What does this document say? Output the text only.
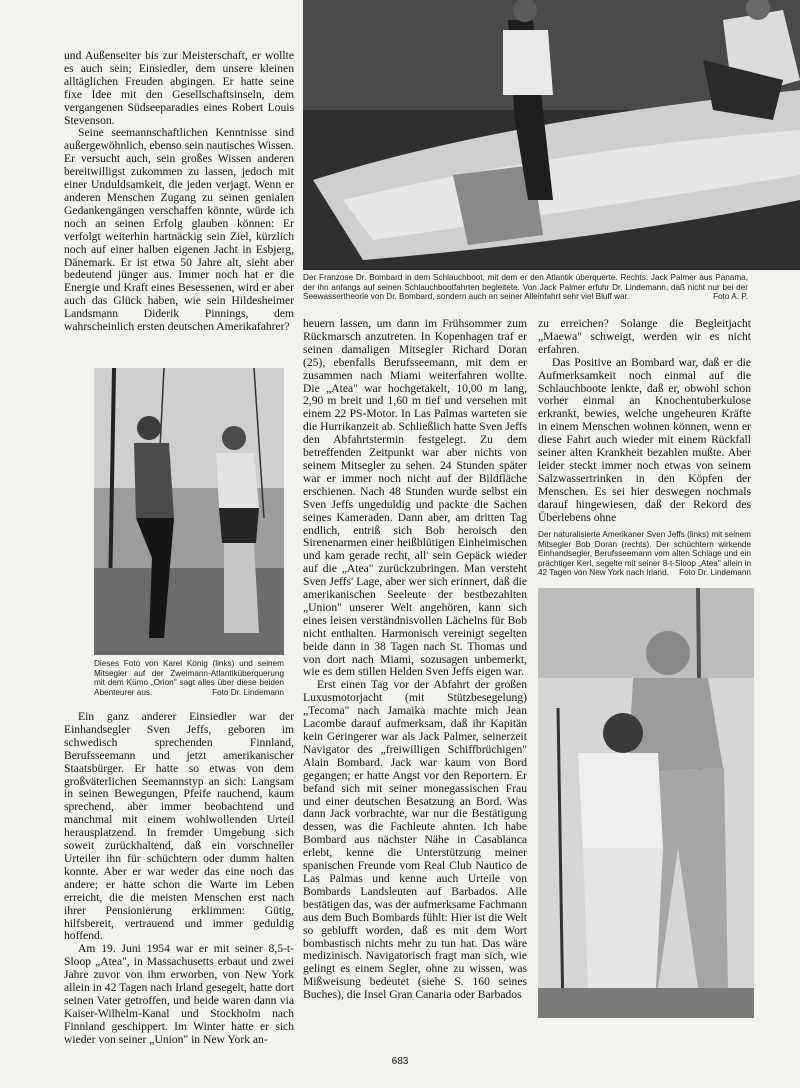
Der Franzose Dr. Bombard in dem Schlauchboot, mit dem er den Atlantik überquerte. Rechts: Jack Palmer aus Panama, der ihn anfangs auf seinen Schlauchbootfahrten begleitete. Von Jack Palmer erfuhr Dr. Lindemann, daß nicht nur bei der Seewassertheorie von Dr. Bombard, sondern auch an seiner Alleinfahrt sehr viel Bluff war.	Foto A. P.

und Außenseiter bis zur Meisterschaft, er wollte es auch sein; Einsiedler, dem unsere kleinen alltäglichen Freuden abgingen. Er hatte seine fixe Idee mit den Gesellschaftsinseln, dem vergangenen Südseeparadies eines Robert Louis Stevenson.

Seine seemannschaftlichen Kenntnisse sind außergewöhnlich, ebenso sein nautisches Wissen. Er versucht auch, sein großes Wissen anderen bereitwilligst zukommen zu lassen, jedoch mit einer Unduldsamkeit, die jeden verjagt. Wenn er anderen Menschen Zugang zu seinen genialen Gedankengängen verschaffen könnte, würde ich noch an seinen Erfolg glauben können: Er verfolgt weiterhin hartnäckig sein Ziel, kürzlich noch auf einer halben eigenen Jacht in Esbjerg, Dänemark. Er ist etwa 50 Jahre alt, sieht aber bedeutend jünger aus. Immer noch hat er die Energie und Kraft eines Besessenen, wird er aber auch das Glück haben, wie sein Hildesheimer Landsmann Diderik Pinnings, dem wahrscheinlich ersten deutschen Amerikafahrer?

Dieses Foto von Karel König (links) und seinem Mitsegler auf der Zweimann-Atlantiküberquerung mit dem Kümo „Orion" sagt alles über diese beiden Abenteurer aus.	Foto Dr. Lindemann

Ein ganz anderer Einsiedler war der Einhandsegler Sven Jeffs, geboren im schwedisch sprechenden Finnland, Berufsseemann und jetzt amerikanischer Staatsbürger. Er hatte so etwas von dem großväterlichen Seemannstyp an sich: Langsam in seinen Bewegungen, Pfeife rauchend, kaum sprechend, aber immer beobachtend und manchmal mit einem wohlwollenden Urteil herausplatzend. In fremder Umgebung sich soweit zurückhaltend, daß ein vorschneller Urteiler ihn für schüchtern oder dumm halten konnte. Aber er war weder das eine noch das andere; er hatte schon die Warte im Leben erreicht, die die meisten Menschen erst nach ihrer Pensionierung erklimmen: Gütig, hilfsbereit, vertrauend und immer geduldig hoffend.

Am 19. Juni 1954 war er mit seiner 8,5-t-Sloop „Atea", in Massachusetts erbaut und zwei Jahre zuvor von ihm erworben, von New York allein in 42 Tagen nach Irland gesegelt, hatte dort seinen Vater getroffen, und beide waren dann via Kaiser-Wilhelm-Kanal und Stockholm nach Finnland geschippert. Im Winter hatte er sich wieder von seiner „Union" in New York an-

heuern lassen, um dann im Frühsommer zum Rückmarsch anzutreten. In Kopenhagen traf er seinen damaligen Mitsegler Richard Doran (25), ebenfalls Berufsseemann, mit dem er zusammen nach Miami weiterfahren wollte. Die „Atea" war hochgetakelt, 10,00 m lang, 2,90 m breit und 1,60 m tief und versehen mit einem 22 PS-Motor. In Las Palmas warteten sie die Hurrikanzeit ab. Schließlich hatte Sven Jeffs den Abfahrtstermin festgelegt. Zu dem betreffenden Zeitpunkt war aber nichts von seinem Mitsegler zu sehen. 24 Stunden später war er immer noch nicht auf der Bildfläche erschienen. Nach 48 Stunden wurde selbst ein Sven Jeffs ungeduldig und packte die Sachen seines Kameraden. Dann aber, am dritten Tag endlich, entriß sich Bob heroisch den Sirenenarmen einer heißblütigen Einheimischen und kam gerade recht, all' sein Gepäck wieder auf die „Atea" zurückzubringen. Man versteht Sven Jeffs' Lage, aber wer sich erinnert, daß die amerikanischen Seeleute der bestbezahlten „Union" unserer Welt angehören, kann sich eines leisen verständnisvollen Lächelns für Bob nicht enthalten. Harmonisch vereinigt segelten beide dann in 38 Tagen nach St. Thomas und von dort nach Miami, sozusagen unbemerkt, wie es dem stillen Helden Sven Jeffs eigen war.

Erst einen Tag vor der Abfahrt der großen Luxusmotorjacht (mit Stützbesegelung) „Tecoma" nach Jamaika machte mich Jean Lacombe darauf aufmerksam, daß ihr Kapitän kein Geringerer war als Jack Palmer, seinerzeit Navigator des „freiwilligen Schiffbrüchigen" Alain Bombard. Jack war kaum von Bord gegangen; er hatte Angst vor den Reportern. Er befand sich mit seiner monegassischen Frau und einer deutschen Besatzung an Bord. Was dann Jack vorbrachte, war nur die Bestätigung dessen, was die Fachleute ahnten. Ich habe Bombard aus nächster Nähe in Casablanca erlebt, kenne die Unterstützung meiner spanischen Freunde vom Real Club Nautico de Las Palmas und kenne auch Urteile von Bombards Landsleuten auf Barbados. Alle bestätigen das, was der aufmerksame Fachmann aus dem Buch Bombards fühlt: Hier ist die Welt so geblufft worden, daß es mit dem Wort bombastisch nichts mehr zu tun hat. Das wäre medizinisch. Navigatorisch fragt man sich, wie gelingt es einem Segler, ohne zu wissen, was Mißweisung bedeutet (siehe S. 160 seines Buches), die Insel Gran Canaria oder Barbados

zu erreichen? Solange die Begleitjacht „Maewa" schweigt, werden wir es nicht erfahren.

Das Positive an Bombard war, daß er die Aufmerksamkeit noch einmal auf die Schlauchboote lenkte, daß er, obwohl schon vorher einmal an Knochentuberkulose erkrankt, bewies, welche ungeheuren Kräfte in einem Menschen wohnen können, wenn er diese Fahrt auch wieder mit einem Rückfall seiner alten Krankheit bezahlen mußte. Aber leider steckt immer noch etwas von seinem Salzwassertrinken in den Köpfen der Menschen. Es sei hier deswegen nochmals darauf hingewiesen, daß der Rekord des Überlebens ohne

Der naturalisierte Amerikaner Sven Jeffs (links) mit seinem Mitsegler Bob Doran (rechts). Der schüchtern wirkende Einhandsegler, Berufsseemann vom alten Schlage und ein prächtiger Kerl, segelte mit seiner 8-t-Sloop „Atea" allein in 42 Tagen von New York nach Irland. Foto Dr. Lindemann
683
